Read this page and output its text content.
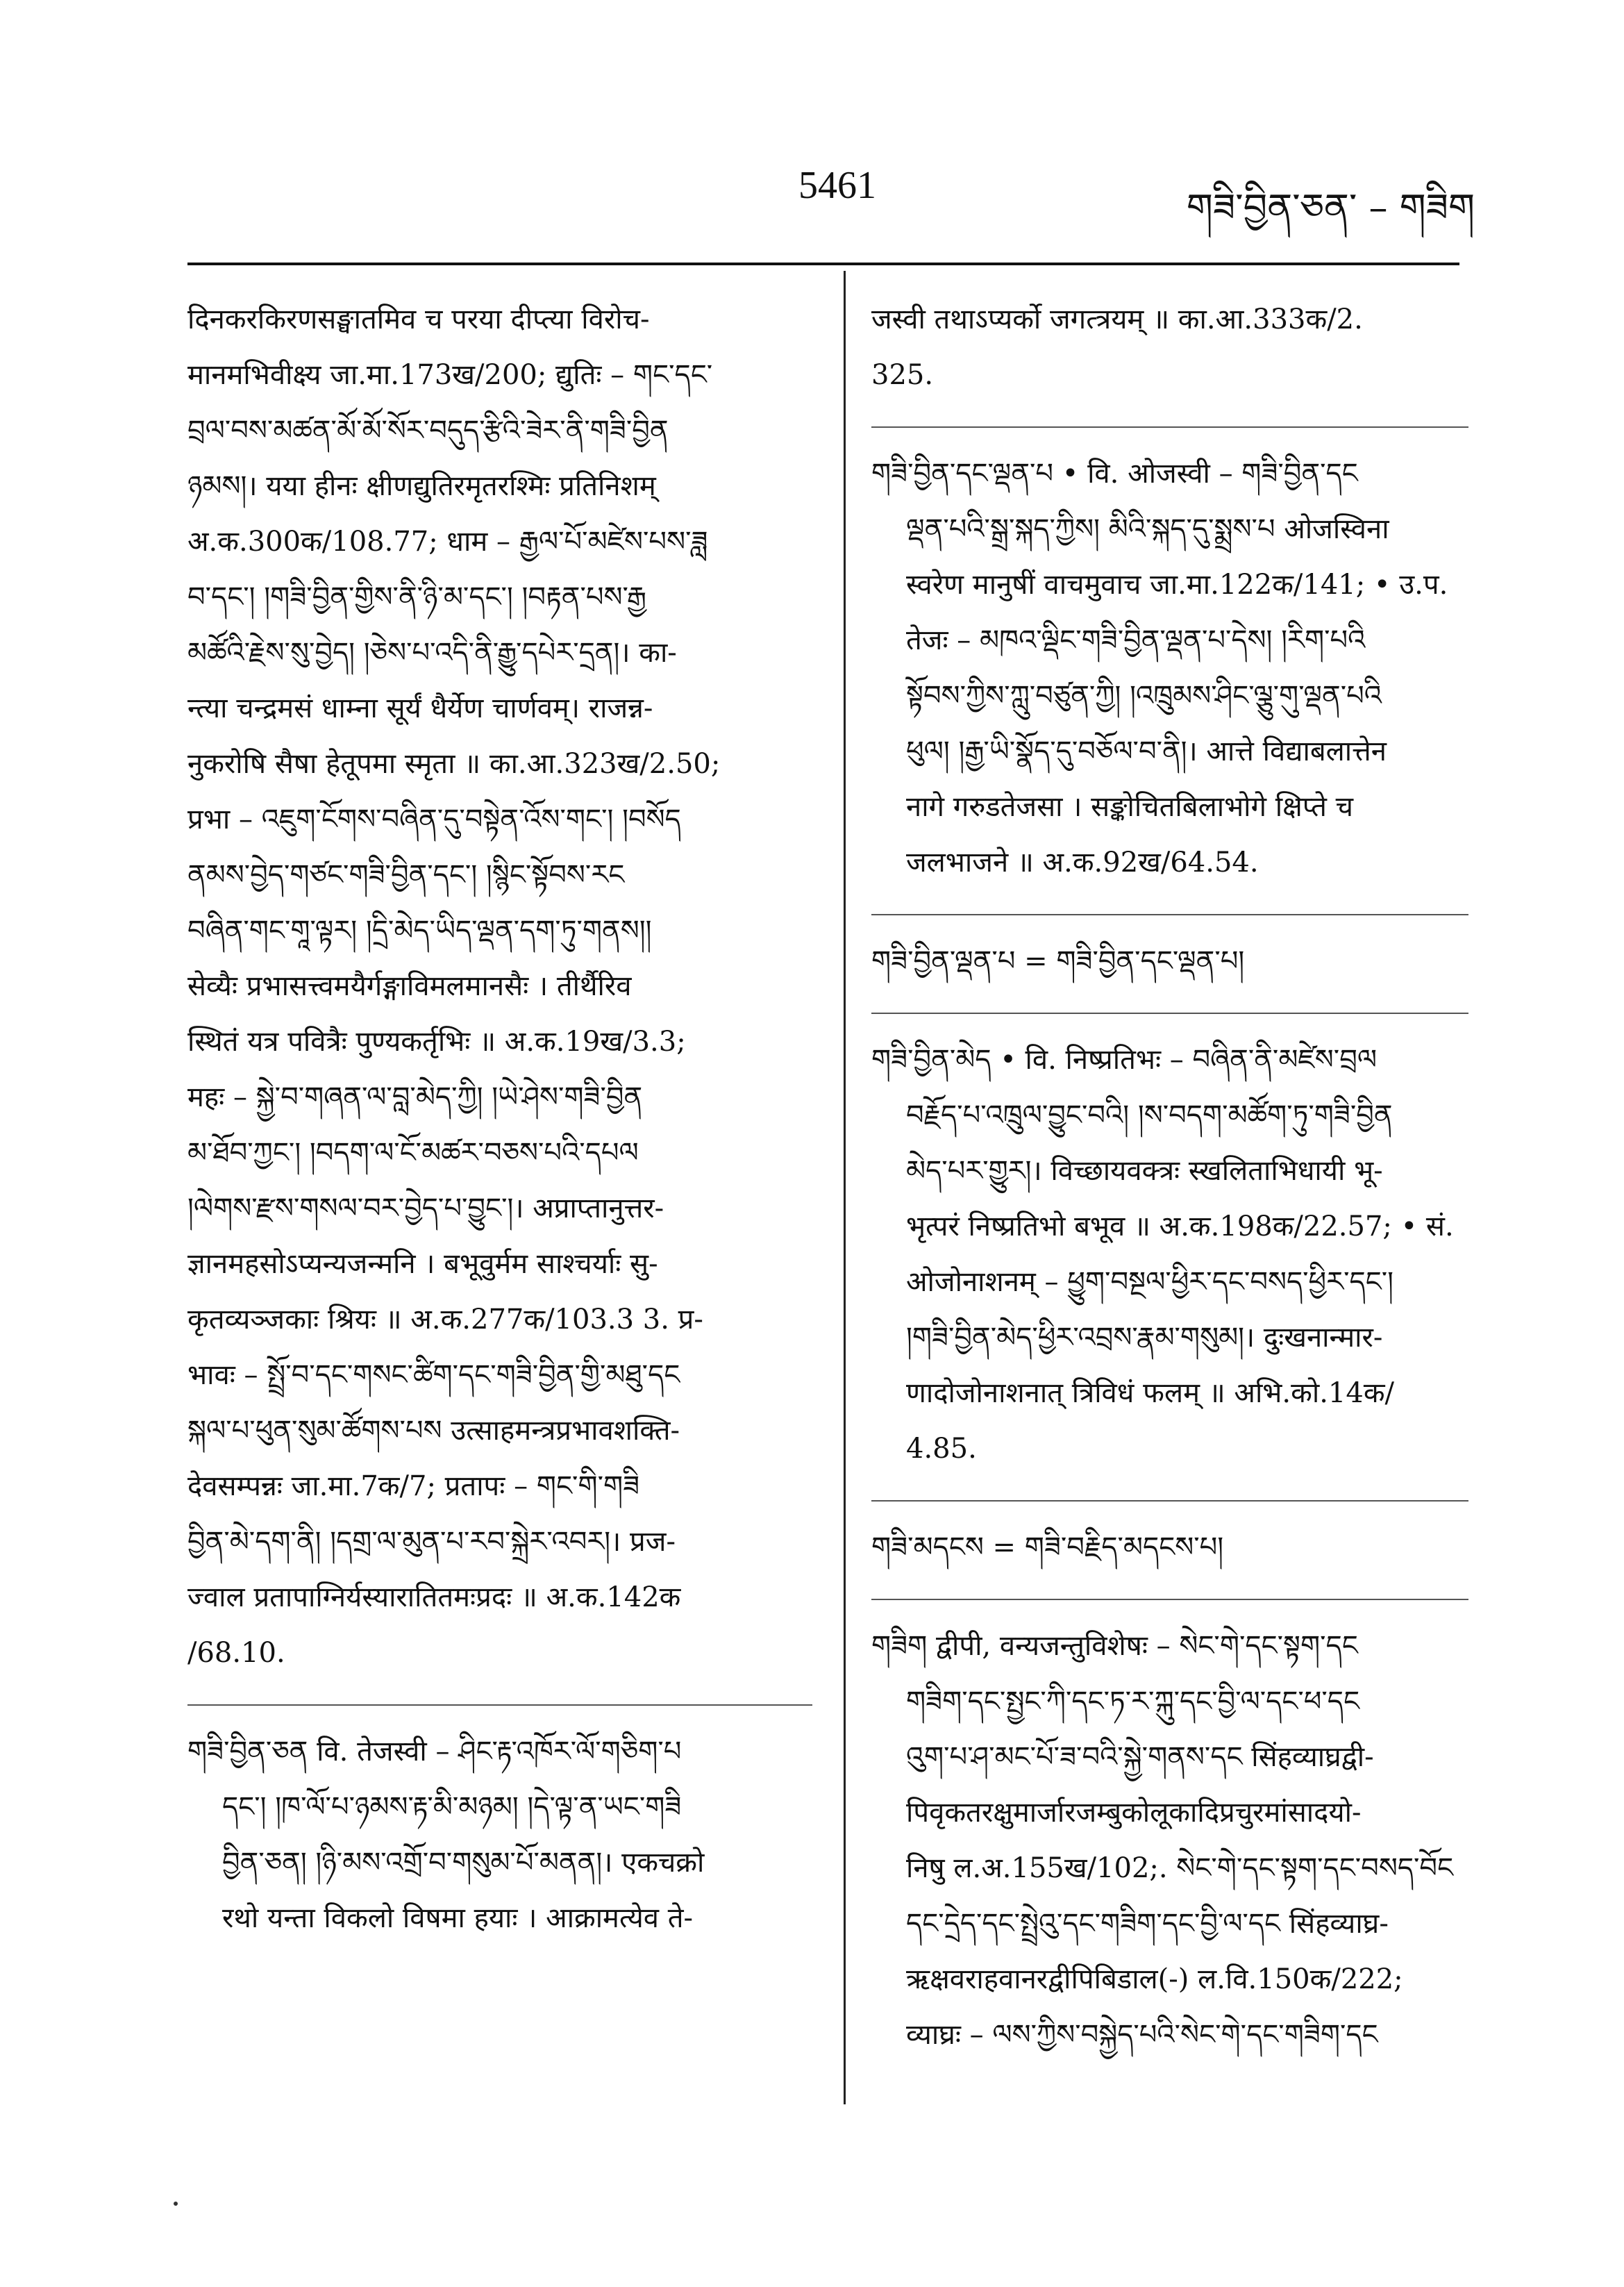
5461	གཟི་བྱིན་ཅན་ – གཟིག
दिनकरकिरणसङ्घातमिव च परया दीप्त्या विरोच-
मानमभिवीक्ष्य जा.मा.173ख/200; द्युतिः – གང་དང་
བྲལ་བས་མཚན་མོ་མོ་སོར་བདུད་རྩིའི་ཟེར་ནི་གཟི་བྱིན
ཉམས།। यया हीनः क्षीणद्युतिरमृतरश्मिः प्रतिनिशम्
अ.क.300क/108.77; धाम – རྒྱལ་པོ་མཛེས་པས་ཟླ
བ་དང་། །གཟི་བྱིན་གྱིས་ནི་ཉི་མ་དང་། །བརྟན་པས་རྒྱ
མཚོའི་རྗེས་སུ་བྱེད། །ཅེས་པ་འདི་ནི་རྒྱུ་དཔེར་དྲན།। का-
न्त्या चन्द्रमसं धाम्ना सूर्यं धैर्येण चार्णवम्। राजन्न-
नुकरोषि सैषा हेतूपमा स्मृता ॥ का.आ.323ख/2.50;
प्रभा – འཇུག་ངོགས་བཞིན་དུ་བསྟེན་འོས་གང་། །བསོད
ནམས་བྱེད་གཙང་གཟི་བྱིན་དང་། །སྙིང་སྟོབས་རང
བཞིན་གང་གཱ་ལྟར། །དྲི་མེད་ཡིད་ལྡན་དག་ཏུ་གནས།།
सेव्यैः प्रभासत्त्वमयैर्गङ्गाविमलमानसैः । तीर्थैरिव
स्थितं यत्र पवित्रैः पुण्यकर्तृभिः ॥ अ.क.19ख/3.3;
महः – སྐྱེ་བ་གཞན་ལ་བླ་མེད་ཀྱི། །ཡེ་ཤེས་གཟི་བྱིན
མ་ཐོབ་ཀྱང་། །བདག་ལ་ངོ་མཚར་བཅས་པའི་དཔལ
།ལེགས་རྫས་གསལ་བར་བྱེད་པ་བྱུང་།। अप्राप्तानुत्तर-
ज्ञानमहसोऽप्यन्यजन्मनि । बभूवुर्मम साश्चर्याः सु-
कृतव्यञ्जकाः श्रियः ॥ अ.क.277क/103.3 3. प्र-
भावः – སྤྲོ་བ་དང་གསང་ཚིག་དང་གཟི་བྱིན་གྱི་མཐུ་དང
སྐལ་པ་ཕུན་སུམ་ཚོགས་པས उत्साहमन्त्रप्रभावशक्ति-
देवसम्पन्नः जा.मा.7क/7; प्रतापः – གང་གི་གཟི
བྱིན་མེ་དག་ནི། །དགྲ་ལ་མུན་པ་རབ་སྐྲེར་འབར།। प्रज-
ज्वाल प्रतापाग्निर्यस्यारातितमःप्रदः ॥ अ.क.142क
/68.10.
གཟི་བྱིན་ཅན वि. तेजस्वी – ཤིང་རྟ་འཁོར་ལོ་གཅིག་པ
དང་། །ཁ་ལོ་པ་ཉམས་རྟ་མི་མཉམ། །དེ་ལྟ་ན་ཡང་གཟི
བྱིན་ཅན། །ཉི་མས་འགྲོ་བ་གསུམ་པོ་མནན།। एकचक्रो
रथो यन्ता विकलो विषमा हयाः । आक्रामत्येव ते-
जस्वी तथाऽप्यर्को जगत्त्रयम् ॥ का.आ.333क/2.
325.
གཟི་བྱིན་དང་ལྡན་པ • वि. ओजस्वी – གཟི་བྱིན་དང
ལྡན་པའི་སྒྲ་སྐད་ཀྱིས། མིའི་སྐད་དུ་སྨྲས་པ ओजस्विना
स्वरेण मानुषीं वाचमुवाच जा.मा.122क/141; • उ.प.
तेजः – མཁའ་ལྡིང་གཟི་བྱིན་ལྡན་པ་དེས། །རིག་པའི
སྟོབས་ཀྱིས་ཀླུ་བཙུན་ཀྱི། །འཁྲུམས་ཤིང་ལྕུ་གུ་ལྡན་པའི
ཕུལ། །རྒྱ་ཡི་སྣོད་དུ་བཅོལ་བ་ནི།। आत्ते विद्याबलात्तेन
नागे गरुडतेजसा । सङ्कोचितबिलाभोगे क्षिप्ते च
जलभाजने ॥ अ.क.92ख/64.54.
གཟི་བྱིན་ལྡན་པ = གཟི་བྱིན་དང་ལྡན་པ།
གཟི་བྱིན་མེད • वि. निष्प्रतिभः – བཞིན་ནི་མཛེས་བྲལ
བརྗོད་པ་འཁྲུལ་བྱུང་བའི། །ས་བདག་མཚོག་ཏུ་གཟི་བྱིན
མེད་པར་གྱུར།। विच्छायवक्त्रः स्खलिताभिधायी भू-
भृत्परं निष्प्रतिभो बभूव ॥ अ.क.198क/22.57; • सं.
ओजोनाशनम् – ཕྱུག་བསྔལ་ཕྱིར་དང་བསད་ཕྱིར་དང་།
།གཟི་བྱིན་མེད་ཕྱིར་འབྲས་རྣམ་གསུམ།। दुःखनान्मार-
णादोजोनाशनात् त्रिविधं फलम् ॥ अभि.को.14क/
4.85.
གཟི་མདངས = གཟི་བརྗིད་མདངས་པ།
གཟིག द्वीपी, वन्यजन्तुविशेषः – སེང་གེ་དང་སྟག་དང
གཟིག་དང་སྤྱང་ཀི་དང་ཏ་ར་ཀྐུ་དང་བྱི་ལ་དང་ཕ་དང
འུག་པ་ཤ་མང་པོ་ཟ་བའི་སྐྱེ་གནས་དང सिंहव्याघ्रद्वी-
पिवृकतरक्षुमार्जारजम्बुकोलूकादिप्रचुरमांसादयो-
निषु ल.अ.155ख/102;. སེང་གེ་དང་སྟག་དང་བསད་བོང
དང་དྲེད་དང་སྤྲེའུ་དང་གཟིག་དང་བྱི་ལ་དང सिंहव्याघ्र-
ऋक्षवराहवानरद्वीपिबिडाल(-) ल.वि.150क/222;
व्याघ्रः – ལས་ཀྱིས་བསྐྱེད་པའི་སེང་གེ་དང་གཟིག་དང
